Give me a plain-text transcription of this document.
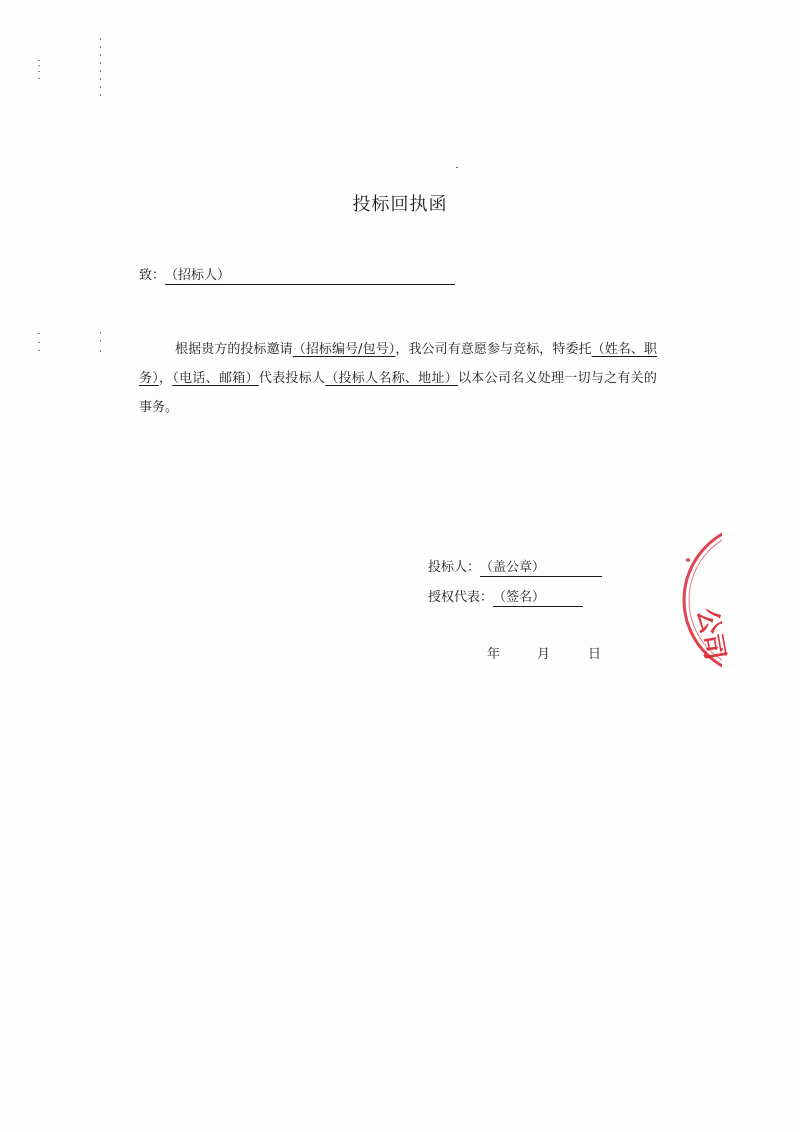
投标回执函
致：（招标人）

根据贵方的投标邀请（招标编号/包号），我公司有意愿参与竞标，特委托（姓名、职务），（电话、邮箱）代表投标人（投标人名称、地址）以本公司名义处理一切与之有关的事务。

投标人：（盖公章）
授权代表：（签名）
年	月	日	公司
